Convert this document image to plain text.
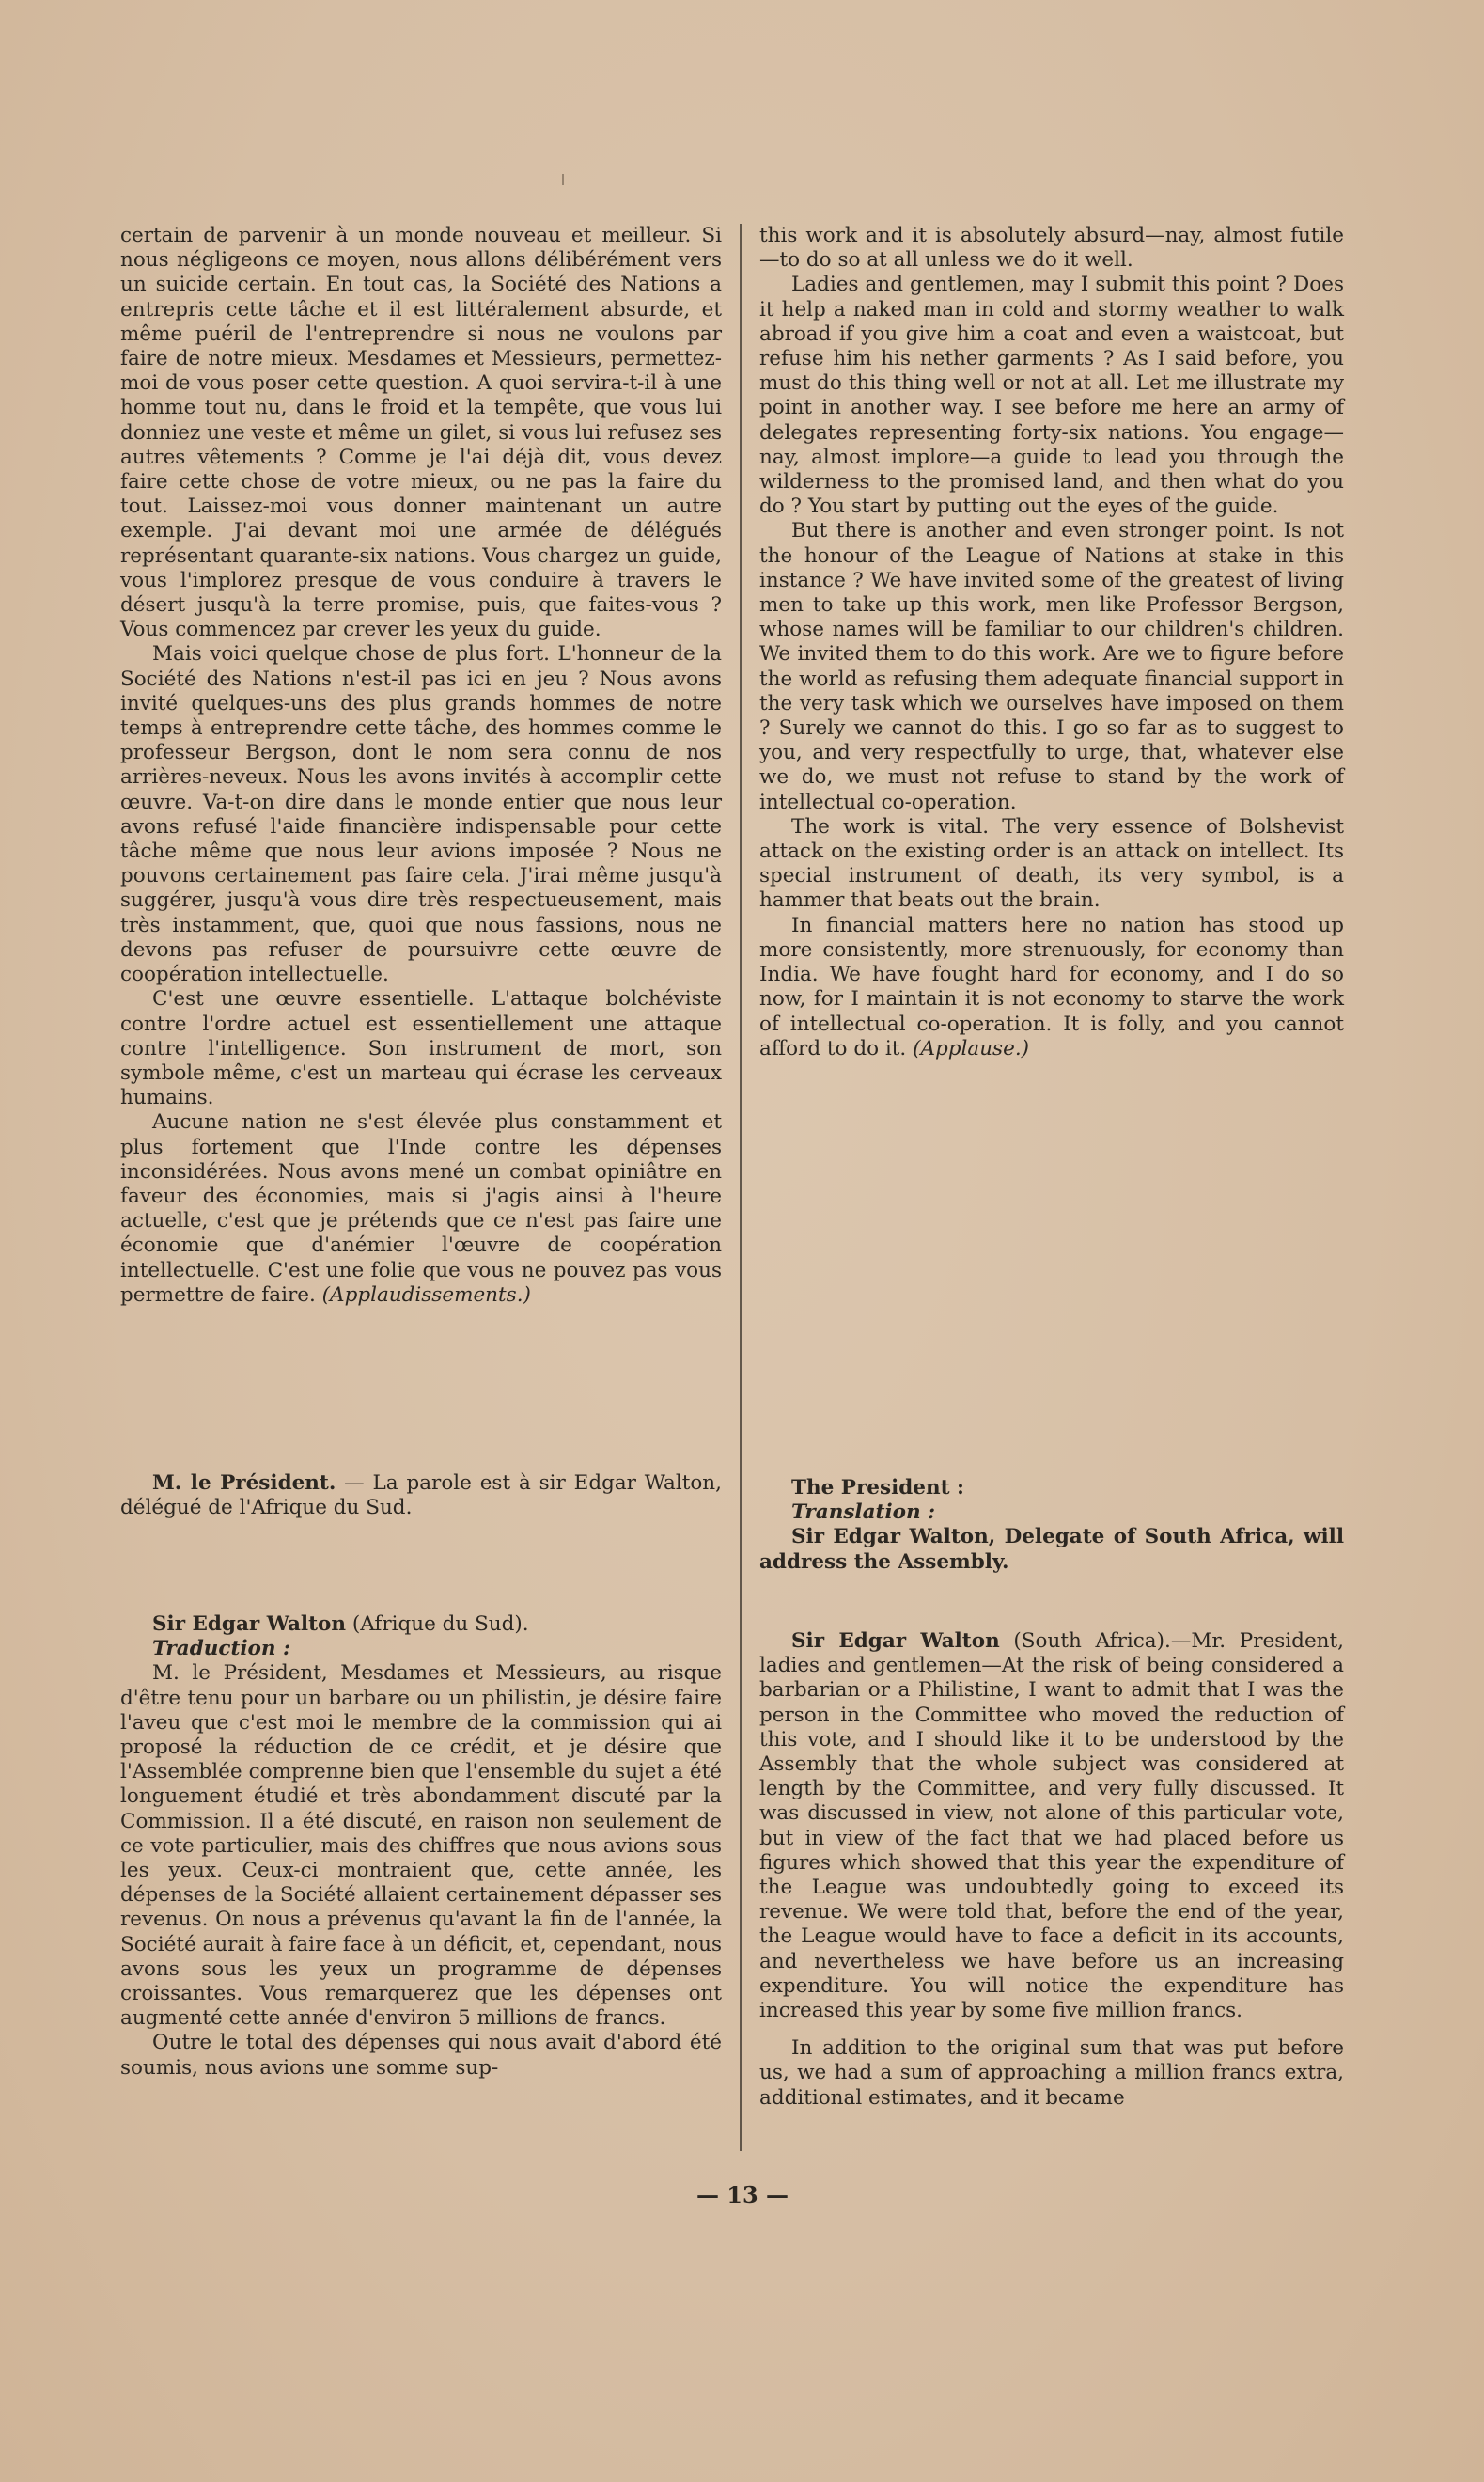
certain de parvenir à un monde nouveau et meilleur. Si nous négligeons ce moyen, nous allons délibérément vers un suicide certain. En tout cas, la Société des Nations a entrepris cette tâche et il est littéralement absurde, et même puéril de l'entreprendre si nous ne voulons par faire de notre mieux. Mesdames et Messieurs, permettez-moi de vous poser cette question. A quoi servira-t-il à une homme tout nu, dans le froid et la tempête, que vous lui donniez une veste et même un gilet, si vous lui refusez ses autres vêtements ? Comme je l'ai déjà dit, vous devez faire cette chose de votre mieux, ou ne pas la faire du tout. Laissez-moi vous donner maintenant un autre exemple. J'ai devant moi une armée de délégués représentant quarante-six nations. Vous chargez un guide, vous l'implorez presque de vous conduire à travers le désert jusqu'à la terre promise, puis, que faites-vous ? Vous commencez par crever les yeux du guide.

Mais voici quelque chose de plus fort. L'honneur de la Société des Nations n'est-il pas ici en jeu ? Nous avons invité quelques-uns des plus grands hommes de notre temps à entreprendre cette tâche, des hommes comme le professeur Bergson, dont le nom sera connu de nos arrières-neveux. Nous les avons invités à accomplir cette œuvre. Va-t-on dire dans le monde entier que nous leur avons refusé l'aide financière indispensable pour cette tâche même que nous leur avions imposée ? Nous ne pouvons certainement pas faire cela. J'irai même jusqu'à suggérer, jusqu'à vous dire très respectueusement, mais très instamment, que, quoi que nous fassions, nous ne devons pas refuser de poursuivre cette œuvre de coopération intellectuelle.

C'est une œuvre essentielle. L'attaque bolchéviste contre l'ordre actuel est essentiellement une attaque contre l'intelligence. Son instrument de mort, son symbole même, c'est un marteau qui écrase les cerveaux humains.

Aucune nation ne s'est élevée plus constamment et plus fortement que l'Inde contre les dépenses inconsidérées. Nous avons mené un combat opiniâtre en faveur des économies, mais si j'agis ainsi à l'heure actuelle, c'est que je prétends que ce n'est pas faire une économie que d'anémier l'œuvre de coopération intellectuelle. C'est une folie que vous ne pouvez pas vous permettre de faire. (Applaudissements.)

M. le Président. — La parole est à sir Edgar Walton, délégué de l'Afrique du Sud.

Sir Edgar Walton (Afrique du Sud).

Traduction :

M. le Président, Mesdames et Messieurs, au risque d'être tenu pour un barbare ou un philistin, je désire faire l'aveu que c'est moi le membre de la commission qui ai proposé la réduction de ce crédit, et je désire que l'Assemblée comprenne bien que l'ensemble du sujet a été longuement étudié et très abondamment discuté par la Commission. Il a été discuté, en raison non seulement de ce vote particulier, mais des chiffres que nous avions sous les yeux. Ceux-ci montraient que, cette année, les dépenses de la Société allaient certainement dépasser ses revenus. On nous a prévenus qu'avant la fin de l'année, la Société aurait à faire face à un déficit, et, cependant, nous avons sous les yeux un programme de dépenses croissantes. Vous remarquerez que les dépenses ont augmenté cette année d'environ 5 millions de francs.

Outre le total des dépenses qui nous avait d'abord été soumis, nous avions une somme sup-

this work and it is absolutely absurd—nay, almost futile—to do so at all unless we do it well.

Ladies and gentlemen, may I submit this point ? Does it help a naked man in cold and stormy weather to walk abroad if you give him a coat and even a waistcoat, but refuse him his nether garments ? As I said before, you must do this thing well or not at all. Let me illustrate my point in another way. I see before me here an army of delegates representing forty-six nations. You engage—nay, almost implore—a guide to lead you through the wilderness to the promised land, and then what do you do ? You start by putting out the eyes of the guide.

But there is another and even stronger point. Is not the honour of the League of Nations at stake in this instance ? We have invited some of the greatest of living men to take up this work, men like Professor Bergson, whose names will be familiar to our children's children. We invited them to do this work. Are we to figure before the world as refusing them adequate financial support in the very task which we ourselves have imposed on them ? Surely we cannot do this. I go so far as to suggest to you, and very respectfully to urge, that, whatever else we do, we must not refuse to stand by the work of intellectual co-operation.

The work is vital. The very essence of Bolshevist attack on the existing order is an attack on intellect. Its special instrument of death, its very symbol, is a hammer that beats out the brain.

In financial matters here no nation has stood up more consistently, more strenuously, for economy than India. We have fought hard for economy, and I do so now, for I maintain it is not economy to starve the work of intellectual co-operation. It is folly, and you cannot afford to do it. (Applause.)

The President :

Translation :

Sir Edgar Walton, Delegate of South Africa, will address the Assembly.

Sir Edgar Walton (South Africa).—Mr. President, ladies and gentlemen—At the risk of being considered a barbarian or a Philistine, I want to admit that I was the person in the Committee who moved the reduction of this vote, and I should like it to be understood by the Assembly that the whole subject was considered at length by the Committee, and very fully discussed. It was discussed in view, not alone of this particular vote, but in view of the fact that we had placed before us figures which showed that this year the expenditure of the League was undoubtedly going to exceed its revenue. We were told that, before the end of the year, the League would have to face a deficit in its accounts, and nevertheless we have before us an increasing expenditure. You will notice the expenditure has increased this year by some five million francs.

In addition to the original sum that was put before us, we had a sum of approaching a million francs extra, additional estimates, and it became

— 13 —
